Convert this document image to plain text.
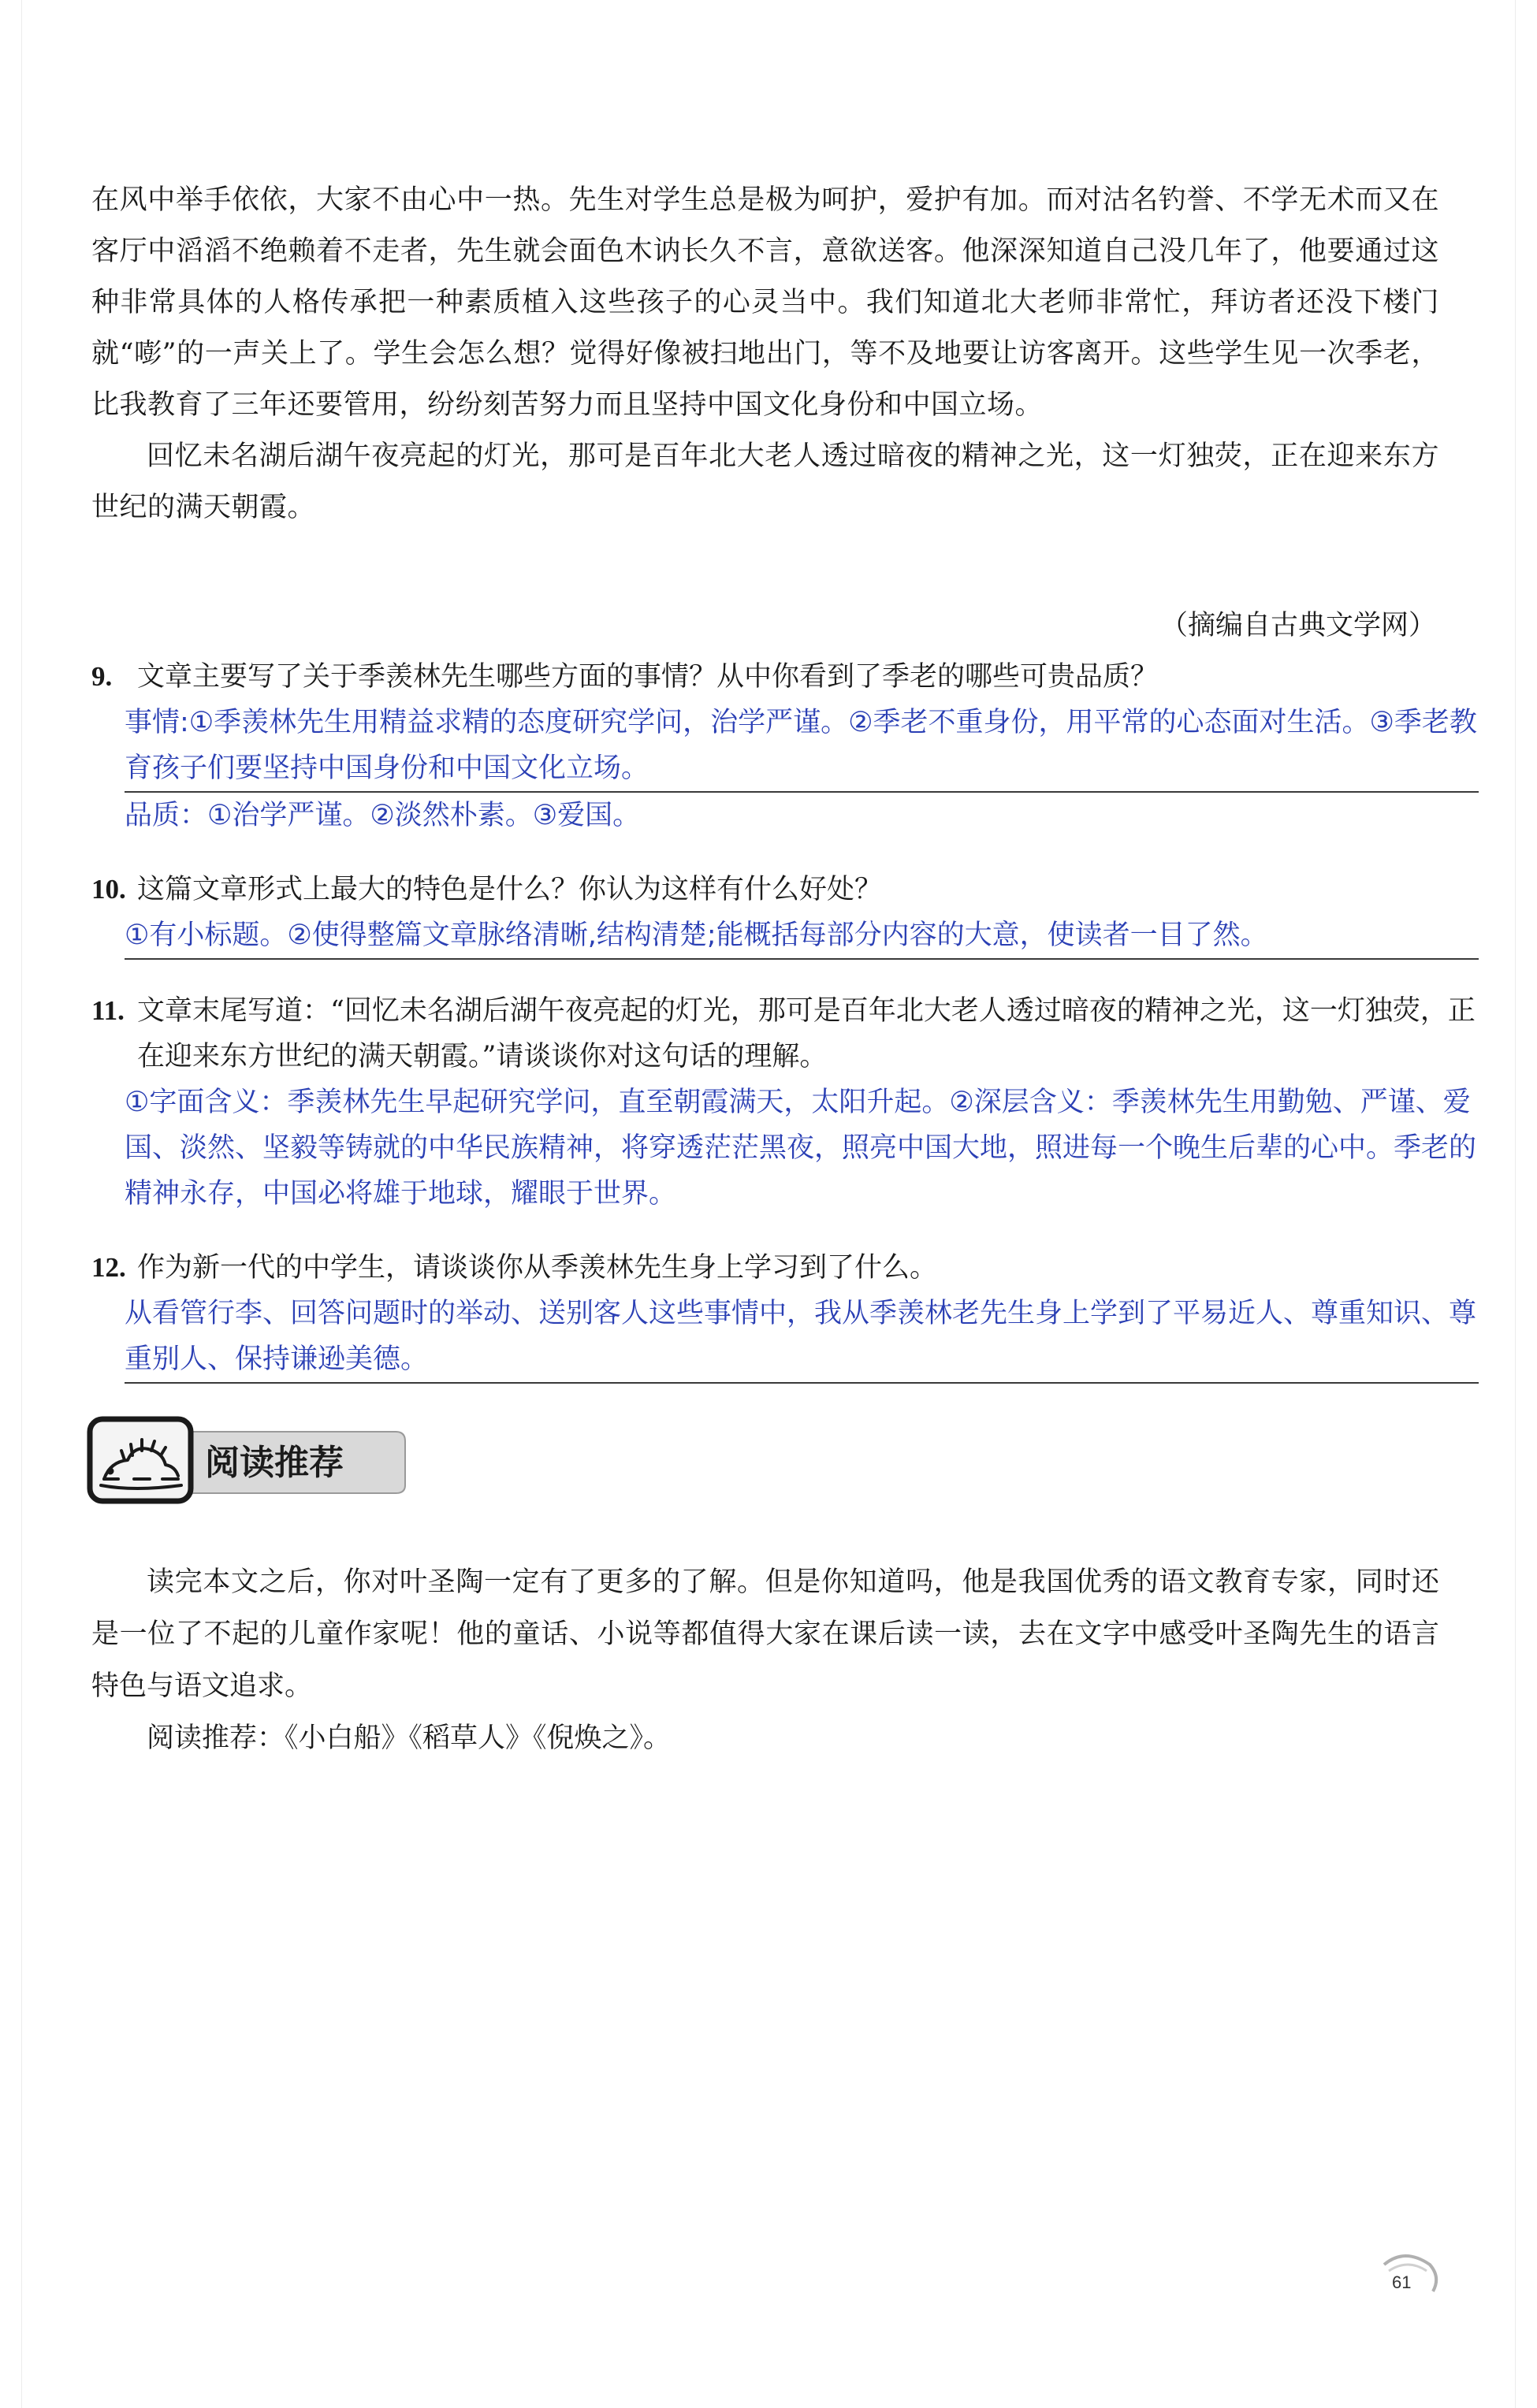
在风中举手依依，大家不由心中一热。先生对学生总是极为呵护，爱护有加。而对沽名钓誉、不学无术而又在客厅中滔滔不绝赖着不走者，先生就会面色木讷长久不言，意欲送客。他深深知道自己没几年了，他要通过这种非常具体的人格传承把一种素质植入这些孩子的心灵当中。我们知道北大老师非常忙，拜访者还没下楼门就“嘭”的一声关上了。学生会怎么想？觉得好像被扫地出门，等不及地要让访客离开。这些学生见一次季老，比我教育了三年还要管用，纷纷刻苦努力而且坚持中国文化身份和中国立场。

回忆未名湖后湖午夜亮起的灯光，那可是百年北大老人透过暗夜的精神之光，这一灯独荧，正在迎来东方世纪的满天朝霞。

（摘编自古典文学网）
9. 文章主要写了关于季羡林先生哪些方面的事情？从中你看到了季老的哪些可贵品质？
事情:①季羡林先生用精益求精的态度研究学问，治学严谨。②季老不重身份，用平常的心态面对生活。③季老教育孩子们要坚持中国身份和中国文化立场。
品质：①治学严谨。②淡然朴素。③爱国。
10. 这篇文章形式上最大的特色是什么？你认为这样有什么好处？
①有小标题。②使得整篇文章脉络清晰,结构清楚;能概括每部分内容的大意，使读者一目了然。
11. 文章末尾写道：“回忆未名湖后湖午夜亮起的灯光，那可是百年北大老人透过暗夜的精神之光，这一灯独荧，正在迎来东方世纪的满天朝霞。”请谈谈你对这句话的理解。
①字面含义：季羡林先生早起研究学问，直至朝霞满天，太阳升起。②深层含义：季羡林先生用勤勉、严谨、爱国、淡然、坚毅等铸就的中华民族精神，将穿透茫茫黑夜，照亮中国大地，照进每一个晚生后辈的心中。季老的精神永存，中国必将雄于地球，耀眼于世界。
12. 作为新一代的中学生，请谈谈你从季羡林先生身上学习到了什么。
从看管行李、回答问题时的举动、送别客人这些事情中，我从季羡林老先生身上学到了平易近人、尊重知识、尊重别人、保持谦逊美德。
阅读推荐

读完本文之后，你对叶圣陶一定有了更多的了解。但是你知道吗，他是我国优秀的语文教育专家，同时还是一位了不起的儿童作家呢！他的童话、小说等都值得大家在课后读一读，去在文字中感受叶圣陶先生的语言特色与语文追求。

阅读推荐：《小白船》《稻草人》《倪焕之》。

61
